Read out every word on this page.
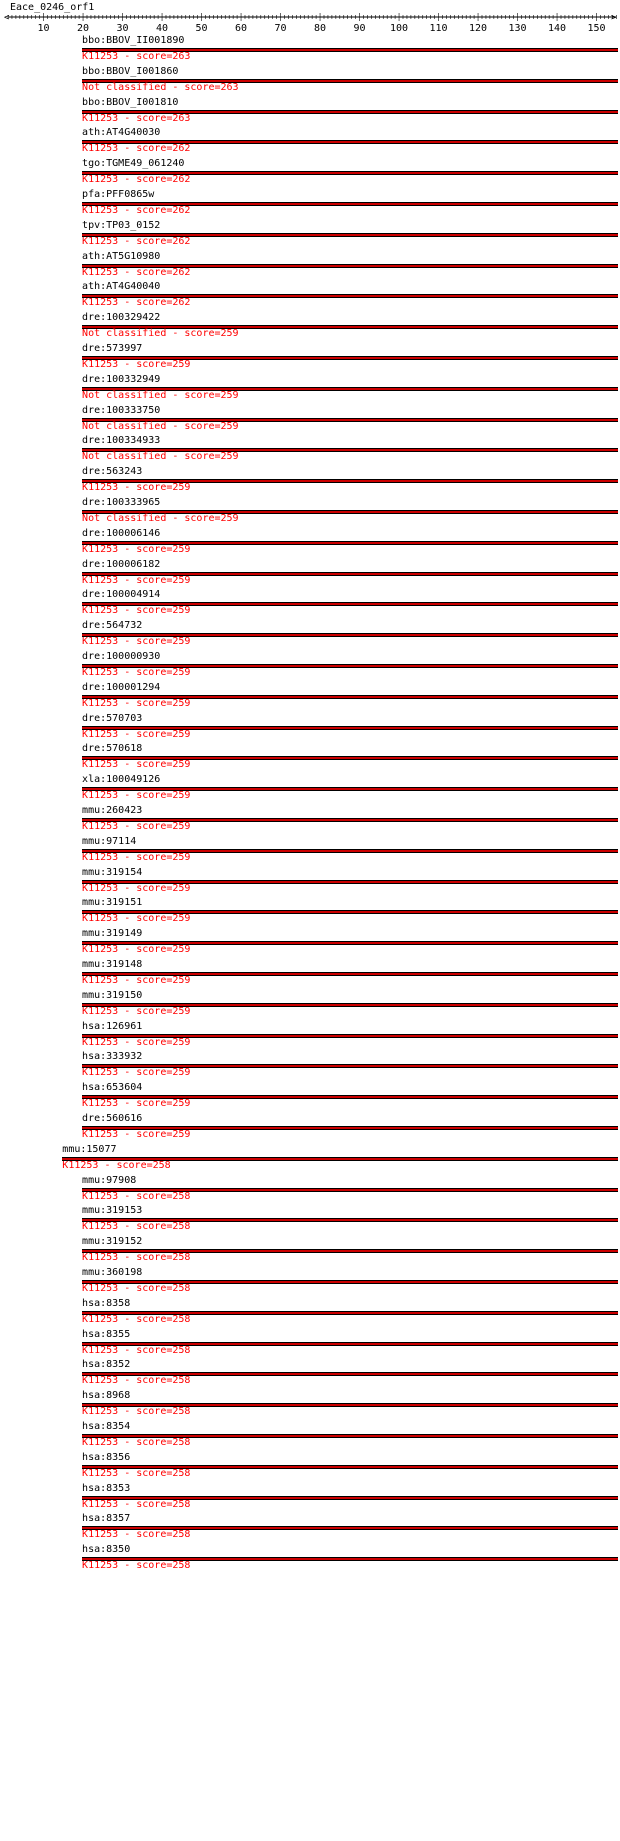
Eace_0246_orf1
<	>
10	20	30	40	50	60	70	80	90 100 110 120 130 140 150
bbo:BBOV_II001890
K11253 - score=263
bbo:BBOV_I001860
Not classified - score=263
bbo:BBOV_I001810
K11253 - score=263
ath:AT4G40030
K11253 - score=262
tgo:TGME49_061240
K11253 - score=262
pfa:PFF0865w
K11253 - score=262
tpv:TP03_0152
K11253 - score=262
ath:AT5G10980
K11253 - score=262
ath:AT4G40040
K11253 - score=262
dre:100329422
Not classified - score=259
dre:573997
K11253 - score=259
dre:100332949
Not classified - score=259
dre:100333750
Not classified - score=259
dre:100334933
Not classified - score=259
dre:563243
K11253 - score=259
dre:100333965
Not classified - score=259
dre:100006146
K11253 - score=259
dre:100006182
K11253 - score=259
dre:100004914
K11253 - score=259
dre:564732
K11253 - score=259
dre:100000930
K11253 - score=259
dre:100001294
K11253 - score=259
dre:570703
K11253 - score=259
dre:570618
K11253 - score=259
xla:100049126
K11253 - score=259
mmu:260423
K11253 - score=259
mmu:97114
K11253 - score=259
mmu:319154
K11253 - score=259
mmu:319151
K11253 - score=259
mmu:319149
K11253 - score=259
mmu:319148
K11253 - score=259
mmu:319150
K11253 - score=259
hsa:126961
K11253 - score=259
hsa:333932
K11253 - score=259
hsa:653604
K11253 - score=259
dre:560616
K11253 - score=259
mmu:15077
K11253 - score=258
mmu:97908
K11253 - score=258
mmu:319153
K11253 - score=258
mmu:319152
K11253 - score=258
mmu:360198
K11253 - score=258
hsa:8358
K11253 - score=258
hsa:8355
K11253 - score=258
hsa:8352
K11253 - score=258
hsa:8968
K11253 - score=258
hsa:8354
K11253 - score=258
hsa:8356
K11253 - score=258
hsa:8353
K11253 - score=258
hsa:8357
K11253 - score=258
hsa:8350
K11253 - score=258
